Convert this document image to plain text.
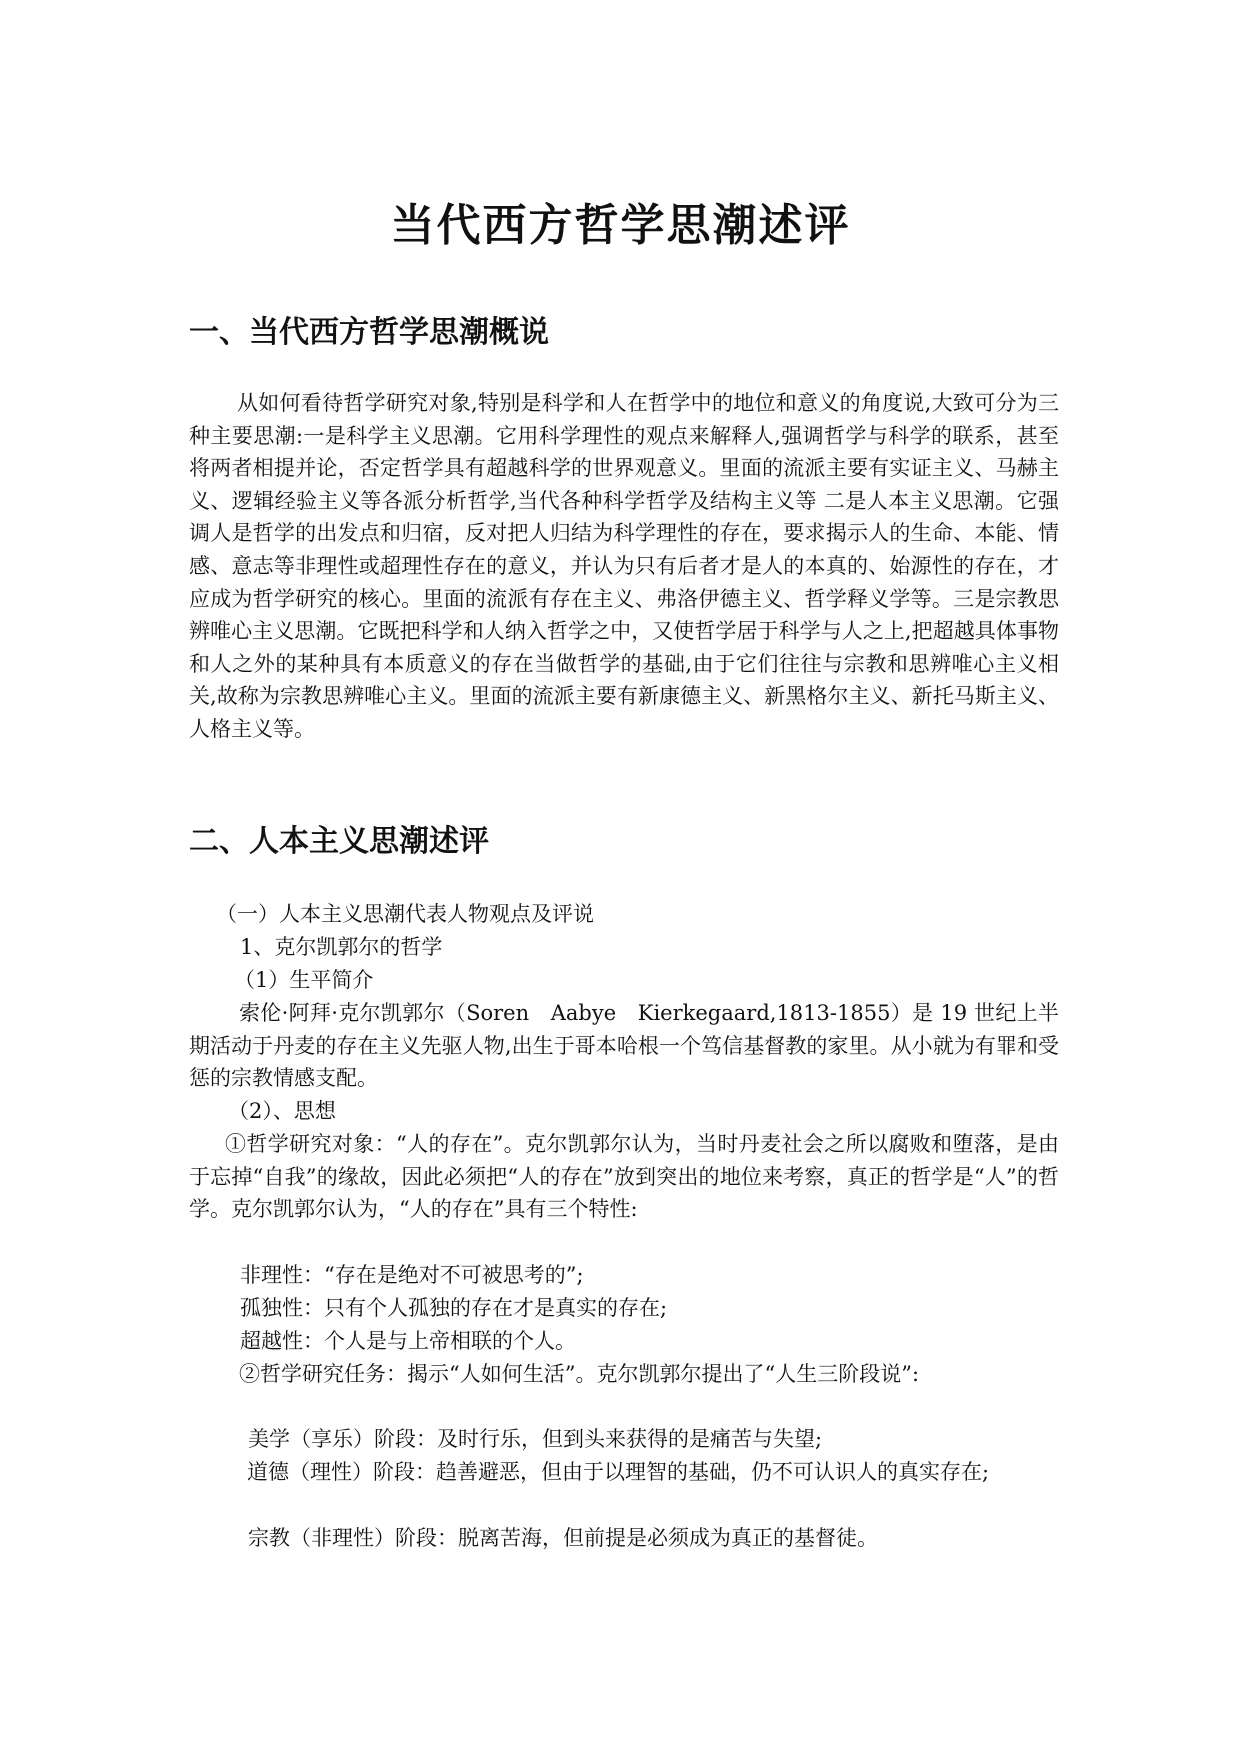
当代西方哲学思潮述评
一、当代西方哲学思潮概说

从如何看待哲学研究对象,特别是科学和人在哲学中的地位和意义的角度说,大致可分为三种主要思潮:一是科学主义思潮。它用科学理性的观点来解释人,强调哲学与科学的联系，甚至将两者相提并论，否定哲学具有超越科学的世界观意义。里面的流派主要有实证主义、马赫主义、逻辑经验主义等各派分析哲学,当代各种科学哲学及结构主义等 二是人本主义思潮。它强调人是哲学的出发点和归宿，反对把人归结为科学理性的存在，要求揭示人的生命、本能、情感、意志等非理性或超理性存在的意义，并认为只有后者才是人的本真的、始源性的存在，才应成为哲学研究的核心。里面的流派有存在主义、弗洛伊德主义、哲学释义学等。三是宗教思辨唯心主义思潮。它既把科学和人纳入哲学之中，又使哲学居于科学与人之上,把超越具体事物和人之外的某种具有本质意义的存在当做哲学的基础,由于它们往往与宗教和思辨唯心主义相关,故称为宗教思辨唯心主义。里面的流派主要有新康德主义、新黑格尔主义、新托马斯主义、人格主义等。

二、人本主义思潮述评

（一）人本主义思潮代表人物观点及评说

1、克尔凯郭尔的哲学

（1）生平简介

索伦·阿拜·克尔凯郭尔（Soren　Aabye　Kierkegaard,1813-1855）是 19 世纪上半期活动于丹麦的存在主义先驱人物,出生于哥本哈根一个笃信基督教的家里。从小就为有罪和受惩的宗教情感支配。

（2）、思想

①哲学研究对象：“人的存在”。克尔凯郭尔认为，当时丹麦社会之所以腐败和堕落，是由于忘掉“自我”的缘故，因此必须把“人的存在”放到突出的地位来考察，真正的哲学是“人”的哲学。克尔凯郭尔认为，“人的存在”具有三个特性:

非理性：“存在是绝对不可被思考的”;

孤独性：只有个人孤独的存在才是真实的存在;

超越性：个人是与上帝相联的个人。

②哲学研究任务：揭示“人如何生活”。克尔凯郭尔提出了“人生三阶段说”:

美学（享乐）阶段：及时行乐，但到头来获得的是痛苦与失望;

道德（理性）阶段：趋善避恶，但由于以理智的基础，仍不可认识人的真实存在;

宗教（非理性）阶段：脱离苦海，但前提是必须成为真正的基督徒。
